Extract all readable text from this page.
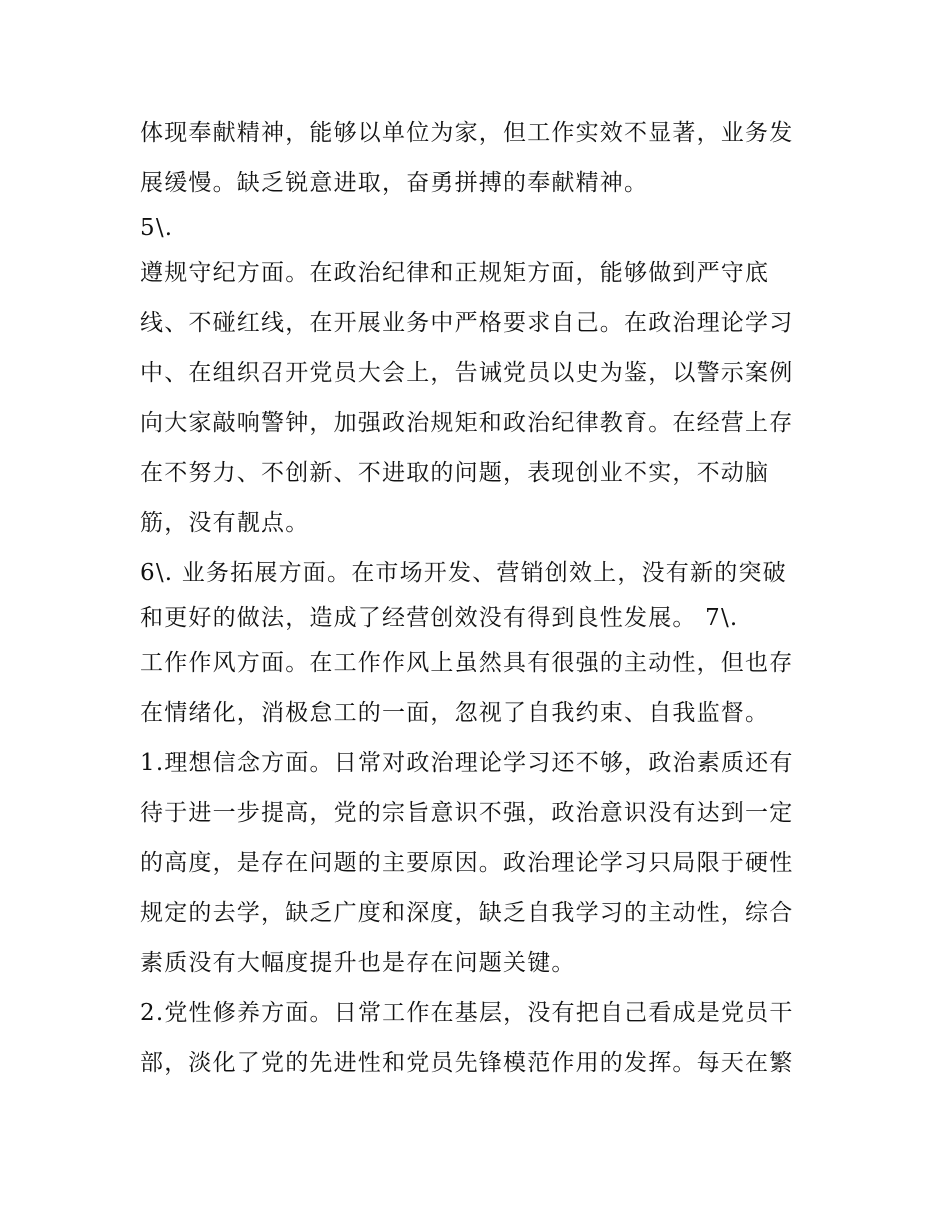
体现奉献精神，能够以单位为家，但工作实效不显著，业务发
展缓慢。缺乏锐意进取，奋勇拼搏的奉献精神。
5\.
遵规守纪方面。在政治纪律和正规矩方面，能够做到严守底
线、不碰红线，在开展业务中严格要求自己。在政治理论学习
中、在组织召开党员大会上，告诫党员以史为鉴，以警示案例
向大家敲响警钟，加强政治规矩和政治纪律教育。在经营上存
在不努力、不创新、不进取的问题，表现创业不实，不动脑
筋，没有靓点。
6\. 业务拓展方面。在市场开发、营销创效上，没有新的突破
和更好的做法，造成了经营创效没有得到良性发展。 7\.
工作作风方面。在工作作风上虽然具有很强的主动性，但也存
在情绪化，消极怠工的一面，忽视了自我约束、自我监督。
1.理想信念方面。日常对政治理论学习还不够，政治素质还有
待于进一步提高，党的宗旨意识不强，政治意识没有达到一定
的高度，是存在问题的主要原因。政治理论学习只局限于硬性
规定的去学，缺乏广度和深度，缺乏自我学习的主动性，综合
素质没有大幅度提升也是存在问题关键。
2.党性修养方面。日常工作在基层，没有把自己看成是党员干
部，淡化了党的先进性和党员先锋模范作用的发挥。每天在繁
